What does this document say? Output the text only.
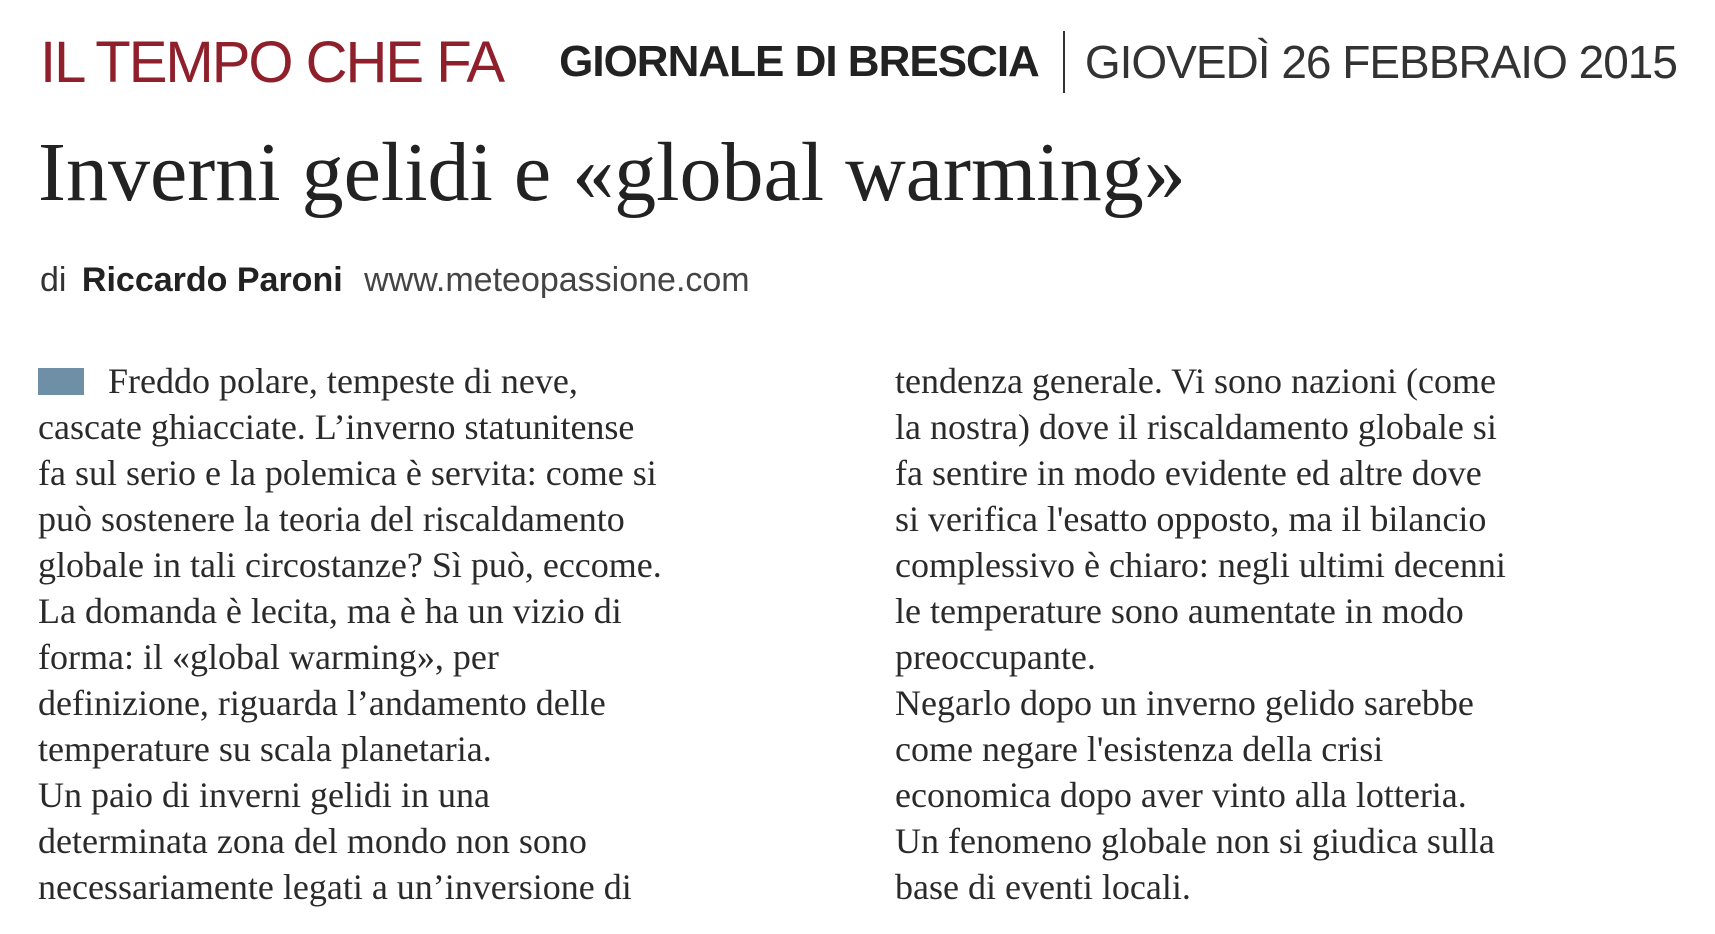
IL TEMPO CHE FA GIORNALE DI BRESCIA GIOVEDÌ 26 FEBBRAIO 2015
Inverni gelidi e «global warming»
di Riccardo Paroni www.meteopassione.com

Freddo polare, tempeste di neve,

cascate ghiacciate. L’inverno statunitense

fa sul serio e la polemica è servita: come si

può sostenere la teoria del riscaldamento

globale in tali circostanze? Sì può, eccome.

La domanda è lecita, ma è ha un vizio di

forma: il «global warming», per

definizione, riguarda l’andamento delle

temperature su scala planetaria.

Un paio di inverni gelidi in una

determinata zona del mondo non sono

necessariamente legati a un’inversione di

tendenza generale. Vi sono nazioni (come

la nostra) dove il riscaldamento globale si

fa sentire in modo evidente ed altre dove

si verifica l'esatto opposto, ma il bilancio

complessivo è chiaro: negli ultimi decenni

le temperature sono aumentate in modo

preoccupante.

Negarlo dopo un inverno gelido sarebbe

come negare l'esistenza della crisi

economica dopo aver vinto alla lotteria.

Un fenomeno globale non si giudica sulla

base di eventi locali.
